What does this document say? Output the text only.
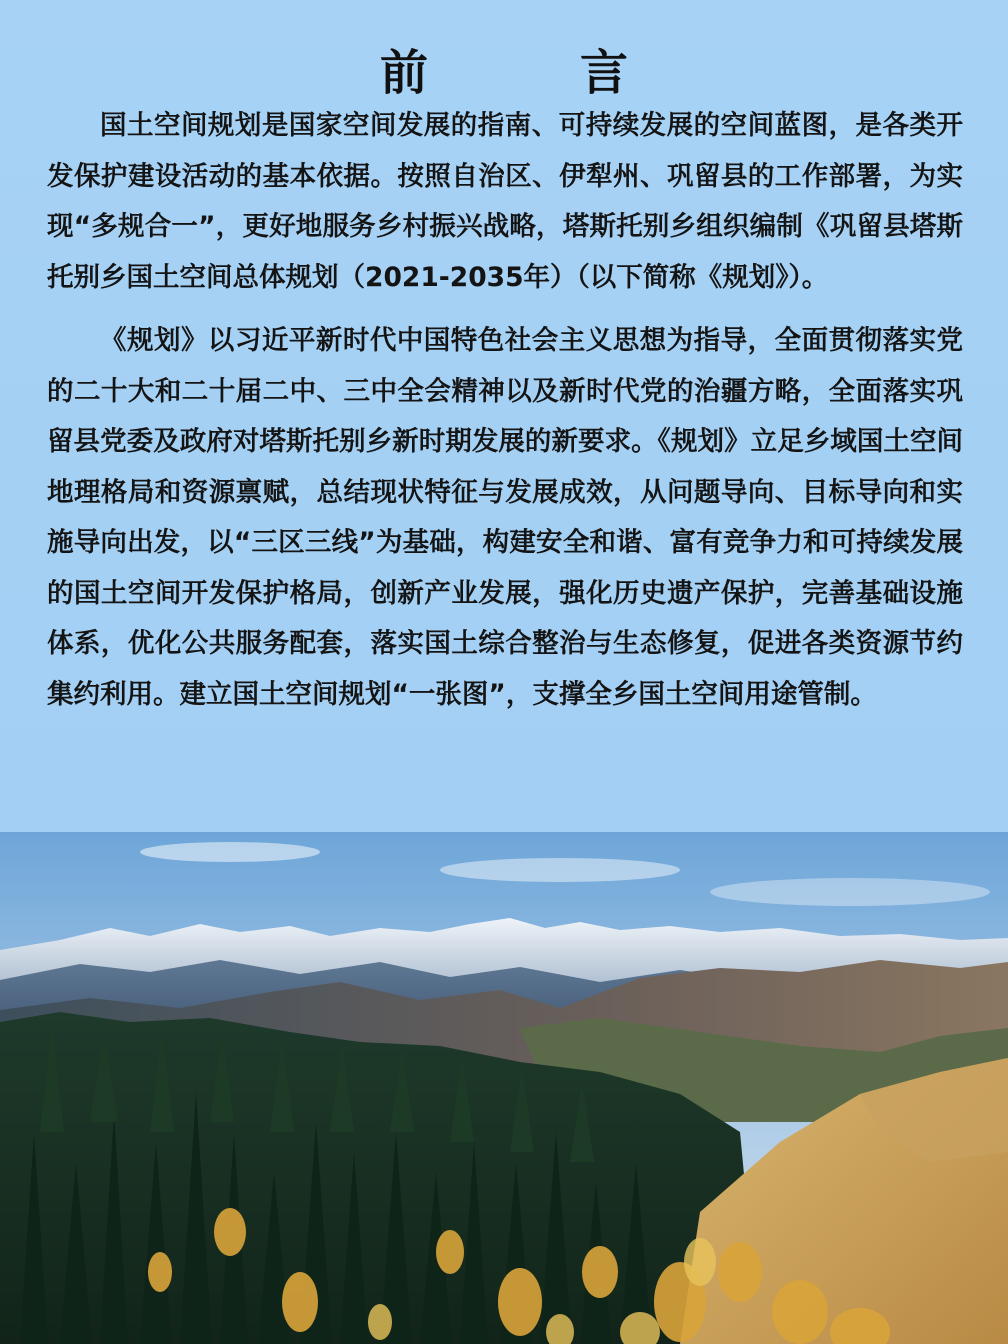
前　言

国土空间规划是国家空间发展的指南、可持续发展的空间蓝图，是各类开发保护建设活动的基本依据。按照自治区、伊犁州、巩留县的工作部署，为实现“多规合一”，更好地服务乡村振兴战略，塔斯托别乡组织编制《巩留县塔斯托别乡国土空间总体规划（2021-2035年）（以下简称《规划》）。

《规划》以习近平新时代中国特色社会主义思想为指导，全面贯彻落实党的二十大和二十届二中、三中全会精神以及新时代党的治疆方略，全面落实巩留县党委及政府对塔斯托别乡新时期发展的新要求。《规划》立足乡域国土空间地理格局和资源禀赋，总结现状特征与发展成效，从问题导向、目标导向和实施导向出发，以“三区三线”为基础，构建安全和谐、富有竞争力和可持续发展的国土空间开发保护格局，创新产业发展，强化历史遗产保护，完善基础设施体系，优化公共服务配套，落实国土综合整治与生态修复，促进各类资源节约集约利用。建立国土空间规划“一张图”，支撑全乡国土空间用途管制。
